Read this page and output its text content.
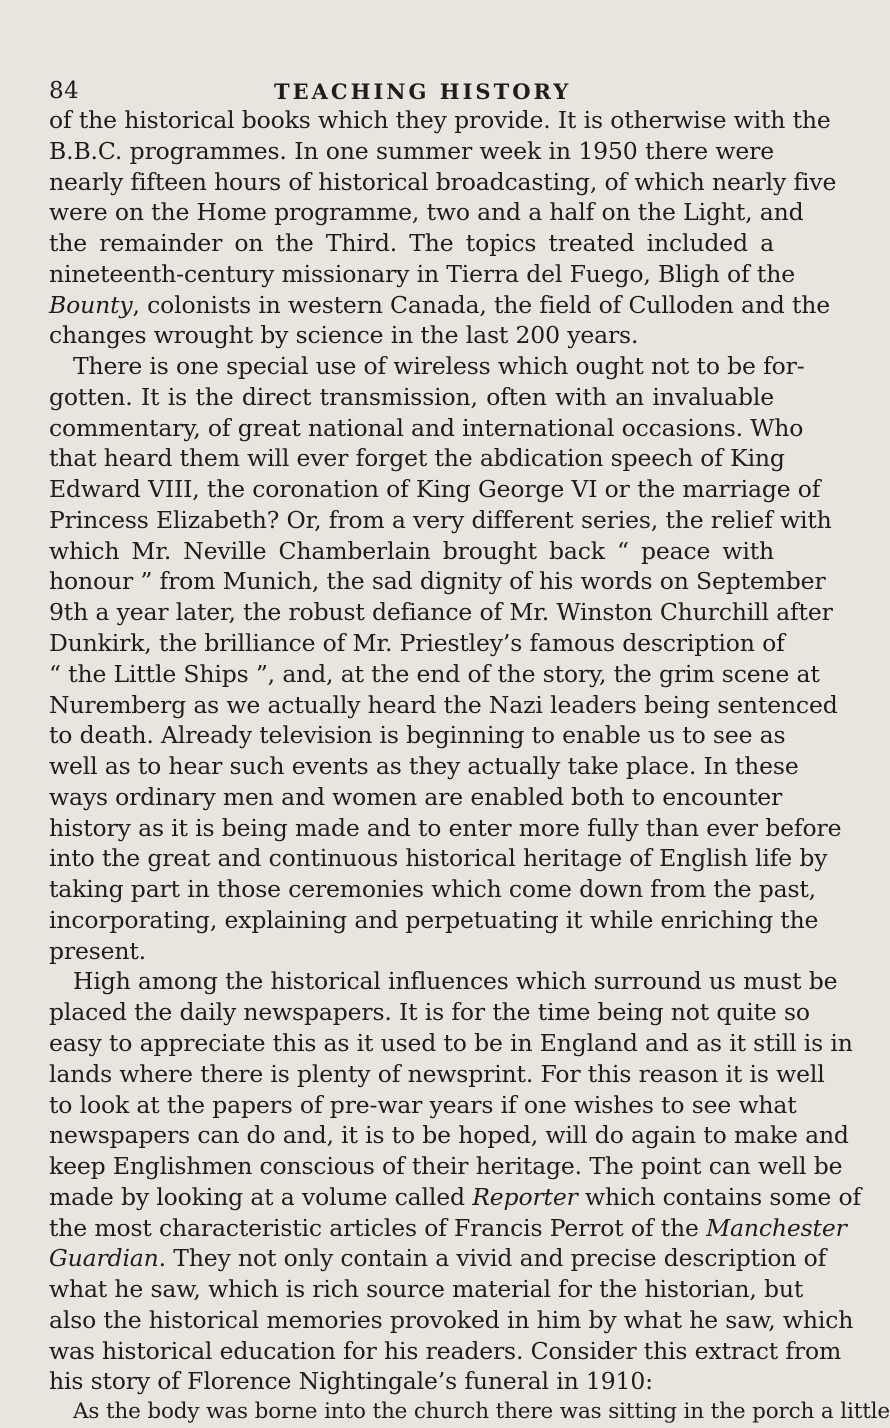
84	TEACHING HISTORY
of the historical books which they provide. It is otherwise with the
B.B.C. programmes. In one summer week in 1950 there were
nearly fifteen hours of historical broadcasting, of which nearly five
were on the Home programme, two and a half on the Light, and
the remainder on the Third. The topics treated included a
nineteenth-century missionary in Tierra del Fuego, Bligh of the
Bounty, colonists in western Canada, the field of Culloden and the
changes wrought by science in the last 200 years.
There is one special use of wireless which ought not to be for-
gotten. It is the direct transmission, often with an invaluable
commentary, of great national and international occasions. Who
that heard them will ever forget the abdication speech of King
Edward VIII, the coronation of King George VI or the marriage of
Princess Elizabeth? Or, from a very different series, the relief with
which Mr. Neville Chamberlain brought back “ peace with
honour ” from Munich, the sad dignity of his words on September
9th a year later, the robust defiance of Mr. Winston Churchill after
Dunkirk, the brilliance of Mr. Priestley’s famous description of
“ the Little Ships ”, and, at the end of the story, the grim scene at
Nuremberg as we actually heard the Nazi leaders being sentenced
to death. Already television is beginning to enable us to see as
well as to hear such events as they actually take place. In these
ways ordinary men and women are enabled both to encounter
history as it is being made and to enter more fully than ever before
into the great and continuous historical heritage of English life by
taking part in those ceremonies which come down from the past,
incorporating, explaining and perpetuating it while enriching the
present.
High among the historical influences which surround us must be
placed the daily newspapers. It is for the time being not quite so
easy to appreciate this as it used to be in England and as it still is in
lands where there is plenty of newsprint. For this reason it is well
to look at the papers of pre-war years if one wishes to see what
newspapers can do and, it is to be hoped, will do again to make and
keep Englishmen conscious of their heritage. The point can well be
made by looking at a volume called Reporter which contains some of
the most characteristic articles of Francis Perrot of the Manchester
Guardian. They not only contain a vivid and precise description of
what he saw, which is rich source material for the historian, but
also the historical memories provoked in him by what he saw, which
was historical education for his readers. Consider this extract from
his story of Florence Nightingale’s funeral in 1910:
As the body was borne into the church there was sitting in the porch a little
